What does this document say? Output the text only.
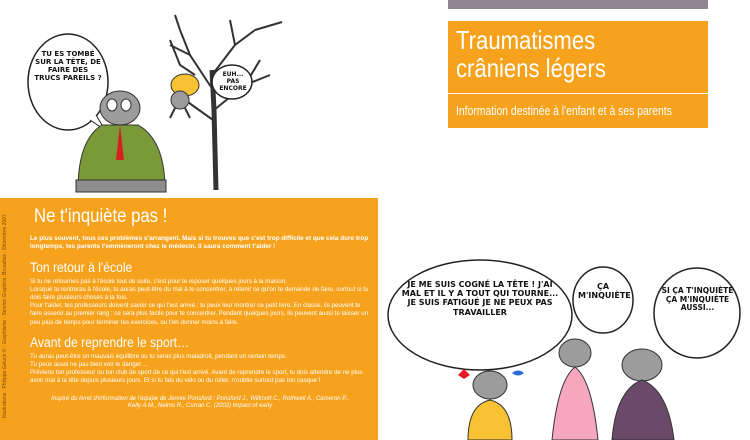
Illustrations : Philippe Geluck © - Graphisme : Service Graphics, Bruxelles - Décembre 2007 Ne t'inquiète pas !
Le plus souvent, tous ces problèmes s'arrangent. Mais si tu trouves que c'est trop difficile et que cela dure trop longtemps, tes parents t'emmèneront chez le médecin. Il saura comment t'aider !
Ton retour à l'école

Si tu ne retournes pas à l'école tout de suite, c'est pour te reposer quelques jours à la maison.

Lorsque tu rentreras à l'école, tu auras peut-être du mal à te concentrer, à retenir ce qu'on te demande de faire, surtout si tu dois faire plusieurs choses à la fois.

Pour t'aider, tes professeurs doivent savoir ce qui t'est arrivé : tu peux leur montrer ce petit livre. En classe, ils peuvent te faire asseoir au premier rang : ce sera plus facile pour te concentrer. Pendant quelques jours, ils peuvent aussi te laisser un peu plus de temps pour terminer tes exercices, ou t'en donner moins à faire.

Avant de reprendre le sport…

Tu auras peut-être un mauvais équilibre ou tu seras plus maladroit, pendant un certain temps.

Tu peux aussi ne pas bien voir le danger…

Préviens ton professeur ou ton club de sport de ce qui t'est arrivé. Avant de reprendre le sport, tu dois attendre de ne plus avoir mal à la tête depuis plusieurs jours. Et si tu fais du vélo ou du roller, n'oublie surtout pas ton casque !

Inspiré du livret d'information de l'équipe de Jennie Ponsford : Ponsford J., Willmott C., Rothwell A., Cameron P., Kelly A.M., Nelms R., Curran C. (2002) Impact of early
Traumatismes
crâniens légers
Information destinée à l'enfant et à ses parents
TU ES TOMBÉ SUR LA TÊTE, DE FAIRE DES TRUCS PAREILS ?	EUH... PAS ENCORE
JE ME SUIS COGNÉ LA TÊTE ! J'AI MAL ET IL Y A TOUT QUI TOURNE... JE SUIS FATIGUÉ JE NE PEUX PAS TRAVAILLER
ÇA M'INQUIÈTE
SI ÇA T'INQUIÈTE ÇA M'INQUIÈTE AUSSI...
